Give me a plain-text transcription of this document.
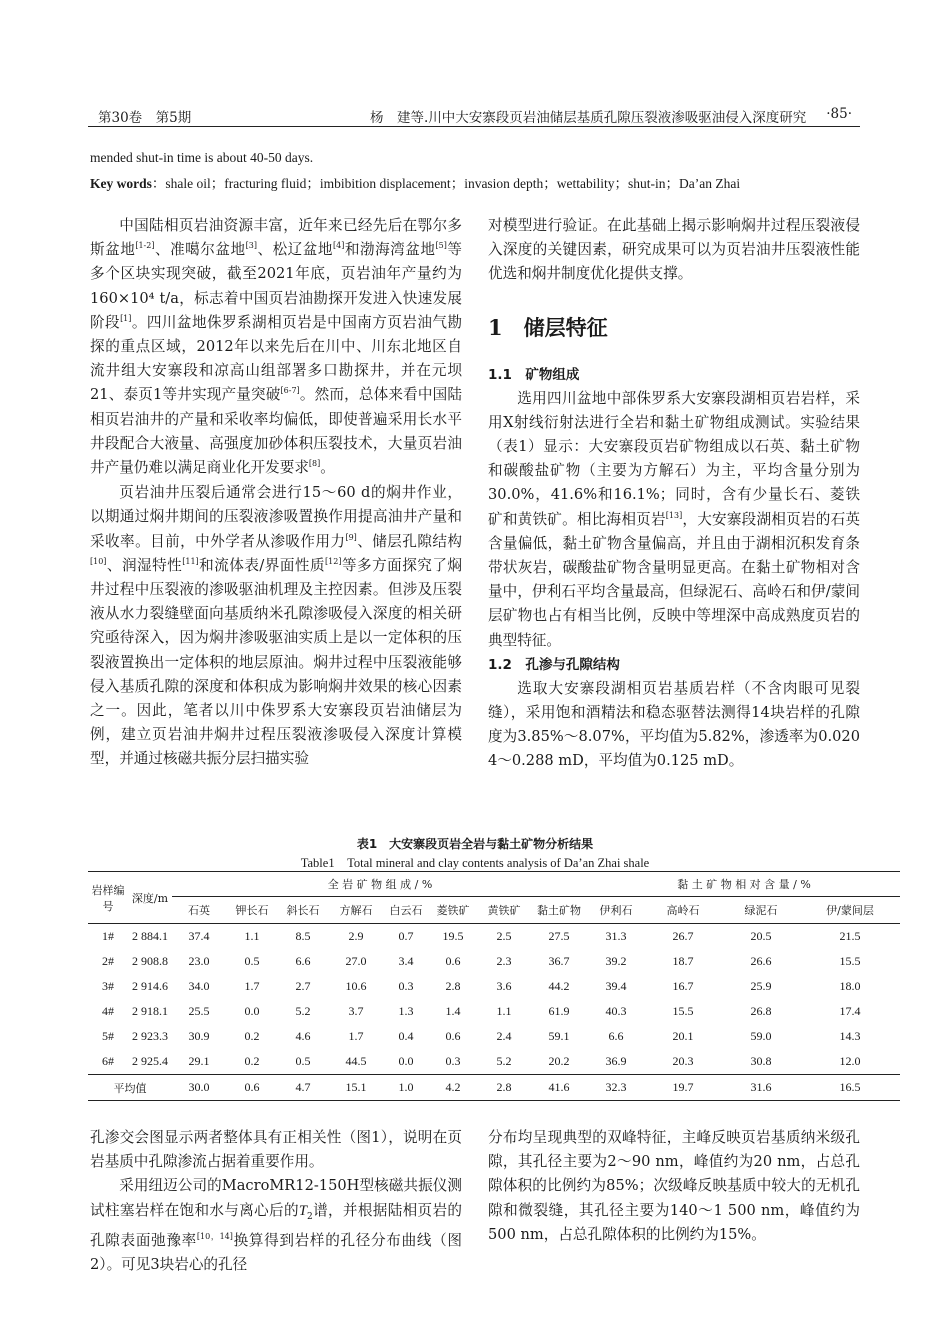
第30卷　第5期	杨　建等.川中大安寨段页岩油储层基质孔隙压裂液渗吸驱油侵入深度研究 ·85·
mended shut-in time is about 40-50 days.
Key words：shale oil；fracturing fluid；imbibition displacement；invasion depth；wettability；shut-in；Da’an Zhai

中国陆相页岩油资源丰富，近年来已经先后在鄂尔多斯盆地[1-2]、准噶尔盆地[3]、松辽盆地[4]和渤海湾盆地[5]等多个区块实现突破，截至2021年底，页岩油年产量约为160×10⁴ t/a，标志着中国页岩油勘探开发进入快速发展阶段[1]。四川盆地侏罗系湖相页岩是中国南方页岩油气勘探的重点区域，2012年以来先后在川中、川东北地区自流井组大安寨段和凉高山组部署多口勘探井，并在元坝21、泰页1等井实现产量突破[6-7]。然而，总体来看中国陆相页岩油井的产量和采收率均偏低，即使普遍采用长水平井段配合大液量、高强度加砂体积压裂技术，大量页岩油井产量仍难以满足商业化开发要求[8]。

页岩油井压裂后通常会进行15～60 d的焖井作业，以期通过焖井期间的压裂液渗吸置换作用提高油井产量和采收率。目前，中外学者从渗吸作用力[9]、储层孔隙结构[10]、润湿特性[11]和流体表/界面性质[12]等多方面探究了焖井过程中压裂液的渗吸驱油机理及主控因素。但涉及压裂液从水力裂缝壁面向基质纳米孔隙渗吸侵入深度的相关研究亟待深入，因为焖井渗吸驱油实质上是以一定体积的压裂液置换出一定体积的地层原油。焖井过程中压裂液能够侵入基质孔隙的深度和体积成为影响焖井效果的核心因素之一。因此，笔者以川中侏罗系大安寨段页岩油储层为例，建立页岩油井焖井过程压裂液渗吸侵入深度计算模型，并通过核磁共振分层扫描实验

对模型进行验证。在此基础上揭示影响焖井过程压裂液侵入深度的关键因素，研究成果可以为页岩油井压裂液性能优选和焖井制度优化提供支撑。

1　储层特征

1.1　矿物组成

选用四川盆地中部侏罗系大安寨段湖相页岩岩样，采用X射线衍射法进行全岩和黏土矿物组成测试。实验结果（表1）显示：大安寨段页岩矿物组成以石英、黏土矿物和碳酸盐矿物（主要为方解石）为主，平均含量分别为30.0%，41.6%和16.1%；同时，含有少量长石、菱铁矿和黄铁矿。相比海相页岩[13]，大安寨段湖相页岩的石英含量偏低，黏土矿物含量偏高，并且由于湖相沉积发育条带状灰岩，碳酸盐矿物含量明显更高。在黏土矿物相对含量中，伊利石平均含量最高，但绿泥石、高岭石和伊/蒙间层矿物也占有相当比例，反映中等埋深中高成熟度页岩的典型特征。

1.2　孔渗与孔隙结构

选取大安寨段湖相页岩基质岩样（不含肉眼可见裂缝），采用饱和酒精法和稳态驱替法测得14块岩样的孔隙度为3.85%～8.07%，平均值为5.82%，渗透率为0.020 4～0.288 mD，平均值为0.125 mD。

表1　大安寨段页岩全岩与黏土矿物分析结果
Table1　Total mineral and clay contents analysis of Da’an Zhai shale
岩样编号	深度/m	全 岩 矿 物 组 成 / %								黏 土 矿 物 相 对 含 量 / %			
		石英	钾长石	斜长石	方解石	白云石	菱铁矿	黄铁矿	黏土矿物	伊利石	高岭石	绿泥石	伊/蒙间层
1#	2 884.1	37.4	1.1	8.5	2.9	0.7	19.5	2.5	27.5	31.3	26.7	20.5	21.5
2#	2 908.8	23.0	0.5	6.6	27.0	3.4	0.6	2.3	36.7	39.2	18.7	26.6	15.5
3#	2 914.6	34.0	1.7	2.7	10.6	0.3	2.8	3.6	44.2	39.4	16.7	25.9	18.0
4#	2 918.1	25.5	0.0	5.2	3.7	1.3	1.4	1.1	61.9	40.3	15.5	26.8	17.4
5#	2 923.3	30.9	0.2	4.6	1.7	0.4	0.6	2.4	59.1	6.6	20.1	59.0	14.3
6#	2 925.4	29.1	0.2	0.5	44.5	0.0	0.3	5.2	20.2	36.9	20.3	30.8	12.0
平均值		30.0	0.6	4.7	15.1	1.0	4.2	2.8	41.6	32.3	19.7	31.6	16.5

孔渗交会图显示两者整体具有正相关性（图1），说明在页岩基质中孔隙渗流占据着重要作用。

采用纽迈公司的MacroMR12-150H型核磁共振仪测试柱塞岩样在饱和水与离心后的$T_2$谱，并根据陆相页岩的孔隙表面弛豫率[10，14]换算得到岩样的孔径分布曲线（图2）。可见3块岩心的孔径

分布均呈现典型的双峰特征，主峰反映页岩基质纳米级孔隙，其孔径主要为2～90 nm，峰值约为20 nm，占总孔隙体积的比例约为85%；次级峰反映基质中较大的无机孔隙和微裂缝，其孔径主要为140～1 500 nm，峰值约为500 nm，占总孔隙体积的比例约为15%。
